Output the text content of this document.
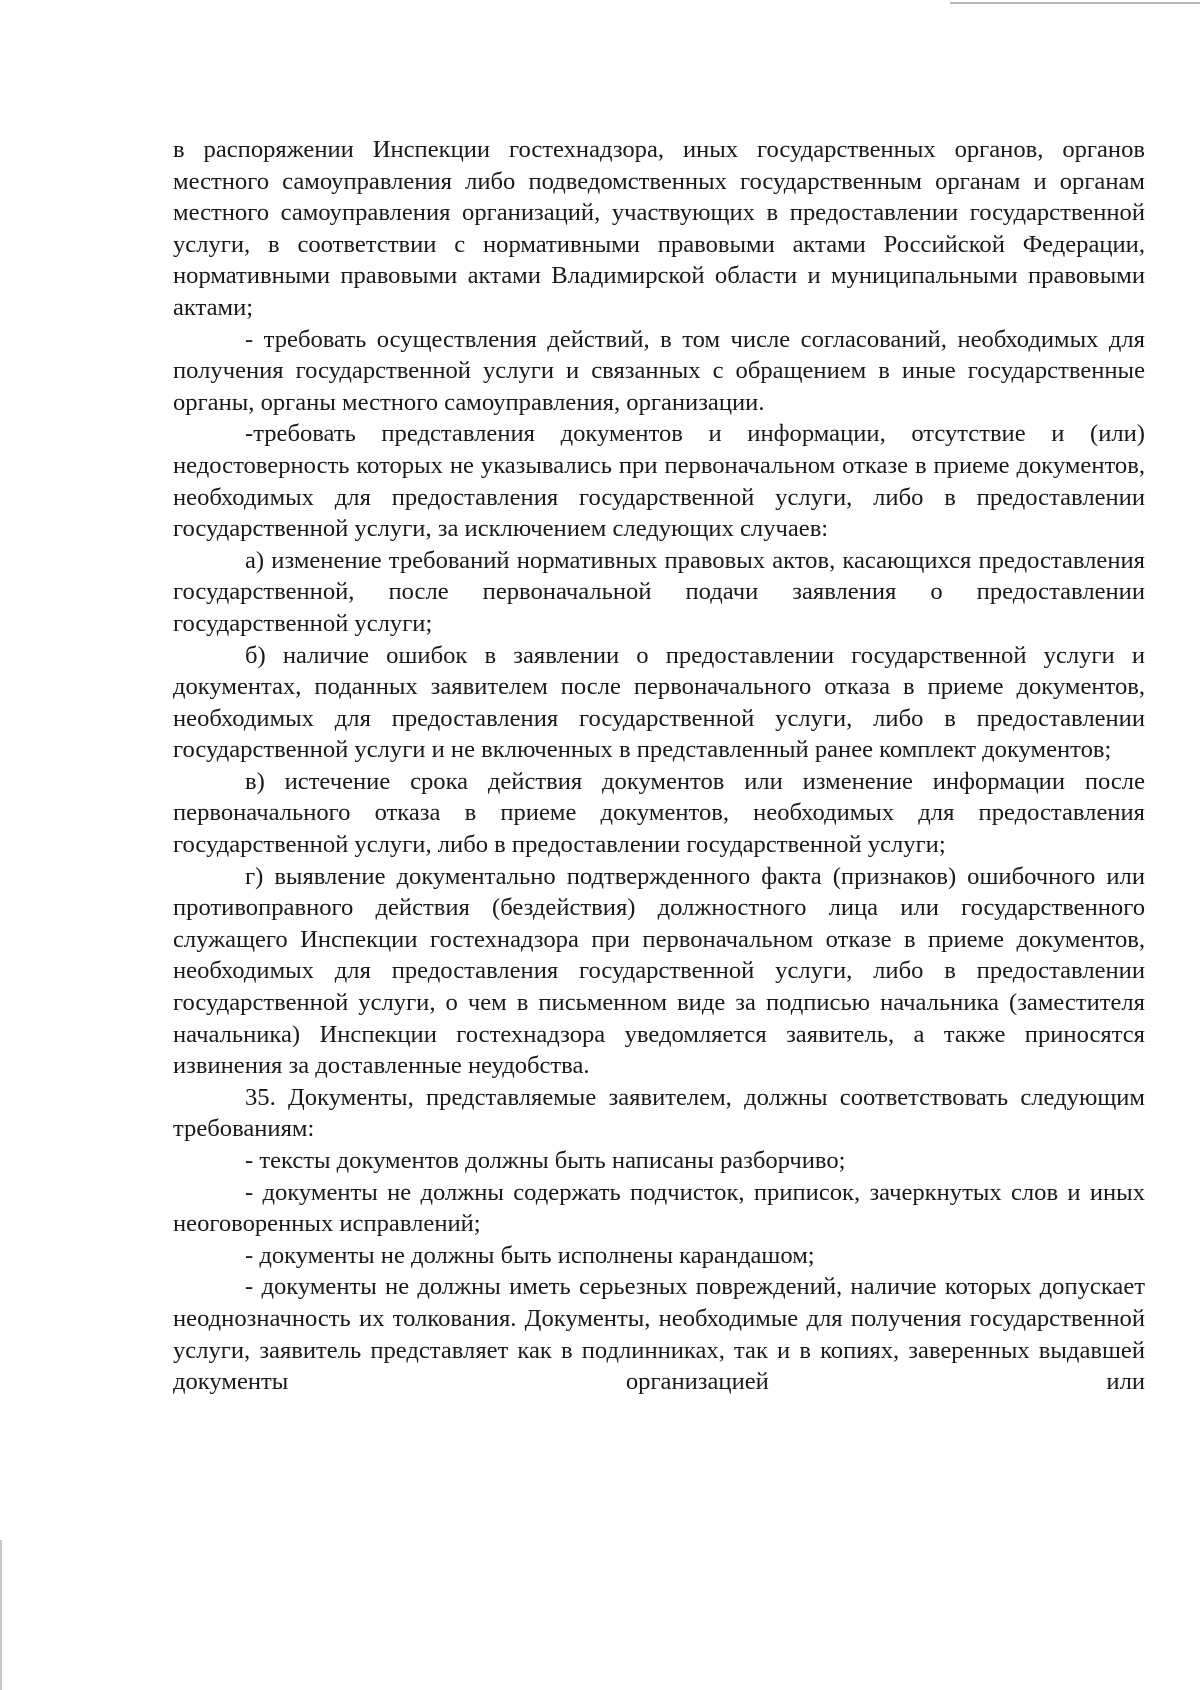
в распоряжении Инспекции гостехнадзора, иных государственных органов, органов местного самоуправления либо подведомственных государственным органам и органам местного самоуправления организаций, участвующих в предоставлении государственной услуги, в соответствии с нормативными правовыми актами Российской Федерации, нормативными правовыми актами Владимирской области и муниципальными правовыми актами;

- требовать осуществления действий, в том числе согласований, необходимых для получения государственной услуги и связанных с обращением в иные государственные органы, органы местного самоуправления, организации.

-требовать представления документов и информации, отсутствие и (или) недостоверность которых не указывались при первоначальном отказе в приеме документов, необходимых для предоставления государственной услуги, либо в предоставлении государственной услуги, за исключением следующих случаев:

а) изменение требований нормативных правовых актов, касающихся предоставления государственной, после первоначальной подачи заявления о предоставлении государственной услуги;

б) наличие ошибок в заявлении о предоставлении государственной услуги и документах, поданных заявителем после первоначального отказа в приеме документов, необходимых для предоставления государственной услуги, либо в предоставлении государственной услуги и не включенных в представленный ранее комплект документов;

в) истечение срока действия документов или изменение информации после первоначального отказа в приеме документов, необходимых для предоставления государственной услуги, либо в предоставлении государственной услуги;

г) выявление документально подтвержденного факта (признаков) ошибочного или противоправного действия (бездействия) должностного лица или государственного служащего Инспекции гостехнадзора при первоначальном отказе в приеме документов, необходимых для предоставления государственной услуги, либо в предоставлении государственной услуги, о чем в письменном виде за подписью начальника (заместителя начальника) Инспекции гостехнадзора уведомляется заявитель, а также приносятся извинения за доставленные неудобства.

35. Документы, представляемые заявителем, должны соответствовать следующим требованиям:

- тексты документов должны быть написаны разборчиво;

- документы не должны содержать подчисток, приписок, зачеркнутых слов и иных неоговоренных исправлений;

- документы не должны быть исполнены карандашом;

- документы не должны иметь серьезных повреждений, наличие которых допускает неоднозначность их толкования. Документы, необходимые для получения государственной услуги, заявитель представляет как в подлинниках, так и в копиях, заверенных выдавшей документы организацией или
